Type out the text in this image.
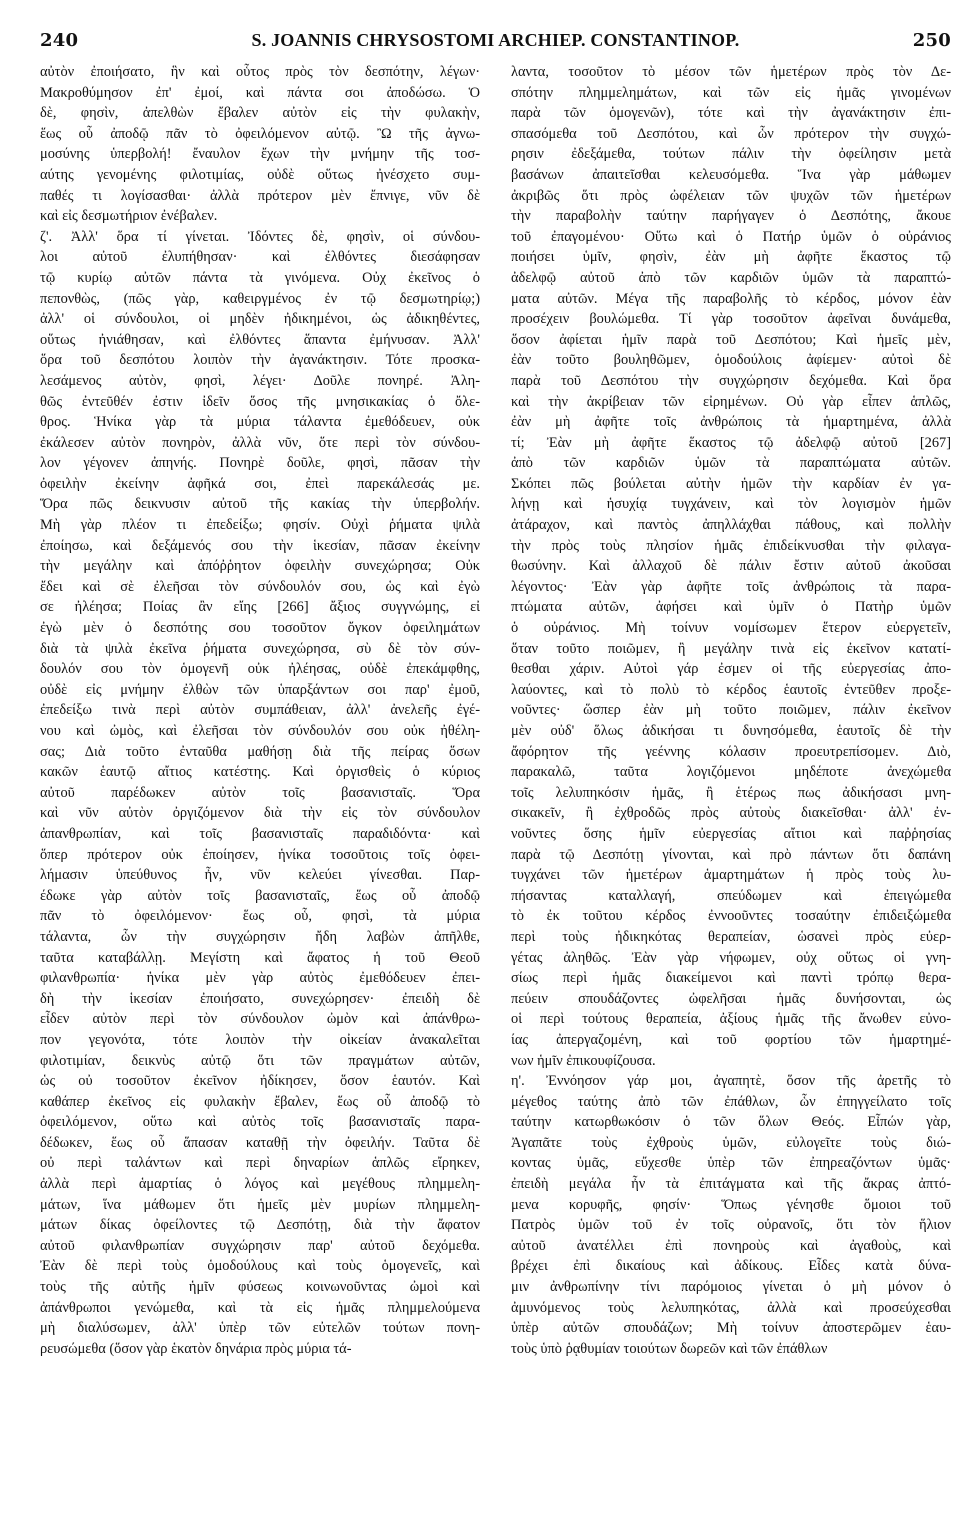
240	S. JOANNIS CHRYSOSTOMI ARCHIEP. CONSTANTINOP.	250
αὐτὸν ἐποιήσατο, ἣν καὶ οὗτος πρὸς τὸν δεσπότην, λέγων·
Μακροθύμησον ἐπ' ἐμοί, καὶ πάντα σοι ἀποδώσω. Ὁ
δὲ, φησὶν, ἀπελθὼν ἔβαλεν αὐτὸν εἰς τὴν φυλακὴν,
ἕως οὗ ἀποδῷ πᾶν τὸ ὀφειλόμενον αὐτῷ. Ὢ τῆς ἀγνω-
μοσύνης ὑπερβολή! ἔναυλον ἔχων τὴν μνήμην τῆς τοσ-
αύτης γενομένης φιλοτιμίας, οὐδὲ οὕτως ἠνέσχετο συμ-
παθές τι λογίσασθαι· ἀλλὰ πρότερον μὲν ἔπνιγε, νῦν δὲ
καὶ εἰς δεσμωτήριον ἐνέβαλεν.
ζ'. Ἀλλ' ὅρα τί γίνεται. Ἰδόντες δὲ, φησὶν, οἱ σύνδου-
λοι αὐτοῦ ἐλυπήθησαν· καὶ ἐλθόντες διεσάφησαν
τῷ κυρίῳ αὐτῶν πάντα τὰ γινόμενα. Οὐχ ἐκεῖνος ὁ
πεπονθὼς, (πῶς γὰρ, καθειργμένος ἐν τῷ δεσμωτηρίῳ;)
ἀλλ' οἱ σύνδουλοι, οἱ μηδὲν ἠδικημένοι, ὡς ἀδικηθέντες,
οὕτως ἠνιάθησαν, καὶ ἐλθόντες ἅπαντα ἐμήνυσαν. Ἀλλ'
ὅρα τοῦ δεσπότου λοιπὸν τὴν ἀγανάκτησιν. Τότε προσκα-
λεσάμενος αὐτὸν, φησὶ, λέγει· Δοῦλε πονηρέ. Ἀλη-
θῶς ἐντεῦθέν ἐστιν ἰδεῖν ὅσος τῆς μνησικακίας ὁ ὄλε-
θρος. Ἡνίκα γὰρ τὰ μύρια τάλαντα ἐμεθόδευεν, οὐκ
ἐκάλεσεν αὐτὸν πονηρὸν, ἀλλὰ νῦν, ὅτε περὶ τὸν σύνδου-
λον γέγονεν ἀπηνής. Πονηρὲ δοῦλε, φησὶ, πᾶσαν τὴν
ὀφειλὴν ἐκείνην ἀφῆκά σοι, ἐπεὶ παρεκάλεσάς με.
Ὅρα πῶς δεικνυσιν αὐτοῦ τῆς κακίας τὴν ὑπερβολήν.
Μὴ γὰρ πλέον τι ἐπεδείξω; φησίν. Οὐχὶ ῥήματα ψιλὰ
ἐποίησω, καὶ δεξάμενός σου τὴν ἱκεσίαν, πᾶσαν ἐκείνην
τὴν μεγάλην καὶ ἀπόῤῥητον ὀφειλὴν συνεχώρησα; Οὐκ
ἔδει καὶ σὲ ἐλεῆσαι τὸν σύνδουλόν σου, ὡς καὶ ἐγὼ
σε ἠλέησα; Ποίας ἂν εἴης [266] ἄξιος συγγνώμης, εἰ
ἐγὼ μὲν ὁ δεσπότης σου τοσοῦτον ὄγκον ὀφειλημάτων
διὰ τὰ ψιλὰ ἐκεῖνα ῥήματα συνεχώρησα, σὺ δὲ τὸν σύν-
δουλόν σου τὸν ὁμογενῆ οὐκ ἠλέησας, οὐδὲ ἐπεκάμφθης,
οὐδὲ εἰς μνήμην ἐλθὼν τῶν ὑπαρξάντων σοι παρ' ἐμοῦ,
ἐπεδείξω τινὰ περὶ αὐτὸν συμπάθειαν, ἀλλ' ἀνελεῆς ἐγέ-
νου καὶ ὠμὸς, καὶ ἐλεῆσαι τὸν σύνδουλόν σου οὐκ ἠθέλη-
σας; Διὰ τοῦτο ἐνταῦθα μαθήσῃ διὰ τῆς πείρας ὅσων
κακῶν ἑαυτῷ αἴτιος κατέστης. Καὶ ὀργισθεὶς ὁ κύριος
αὐτοῦ παρέδωκεν αὐτὸν τοῖς βασανισταῖς. Ὅρα
καὶ νῦν αὐτὸν ὀργιζόμενον διὰ τὴν εἰς τὸν σύνδουλον
ἀπανθρωπίαν, καὶ τοῖς βασανισταῖς παραδιδόντα· καὶ
ὅπερ πρότερον οὐκ ἐποίησεν, ἡνίκα τοσοῦτοις τοῖς ὀφει-
λήμασιν ὑπεύθυνος ἦν, νῦν κελεύει γίνεσθαι. Παρ-
έδωκε γὰρ αὐτὸν τοῖς βασανισταῖς, ἕως οὗ ἀποδῷ
πᾶν τὸ ὀφειλόμενον· ἕως οὗ, φησὶ, τὰ μύρια
τάλαντα, ὧν τὴν συγχώρησιν ἤδη λαβὼν ἀπῆλθε,
ταῦτα καταβάλλῃ. Μεγίστη καὶ ἄφατος ἡ τοῦ Θεοῦ
φιλανθρωπία· ἡνίκα μὲν γὰρ αὐτὸς ἐμεθόδευεν ἐπει-
δὴ τὴν ἱκεσίαν ἐποιήσατο, συνεχώρησεν· ἐπειδὴ δὲ
εἶδεν αὐτὸν περὶ τὸν σύνδουλον ὠμὸν καὶ ἀπάνθρω-
πον γεγονότα, τότε λοιπὸν τὴν οἰκείαν ἀνακαλεῖται
φιλοτιμίαν, δεικνὺς αὐτῷ ὅτι τῶν πραγμάτων αὐτῶν,
ὡς οὐ τοσοῦτον ἐκεῖνον ἠδίκησεν, ὅσον ἑαυτόν. Καὶ
καθάπερ ἐκεῖνος εἰς φυλακὴν ἔβαλεν, ἕως οὗ ἀποδῷ τὸ
ὀφειλόμενον, οὕτω καὶ αὐτὸς τοῖς βασανισταῖς παρα-
δέδωκεν, ἕως οὗ ἅπασαν καταθῇ τὴν ὀφειλήν. Ταῦτα δὲ
οὐ περὶ ταλάντων καὶ περὶ δηναρίων ἁπλῶς εἴρηκεν,
ἀλλὰ περὶ ἁμαρτίας ὁ λόγος καὶ μεγέθους πλημμελη-
μάτων, ἵνα μάθωμεν ὅτι ἡμεῖς μὲν μυρίων πλημμελη-
μάτων δίκας ὀφείλοντες τῷ Δεσπότῃ, διὰ τὴν ἄφατον
αὐτοῦ φιλανθρωπίαν συγχώρησιν παρ' αὐτοῦ δεχόμεθα.
Ἐὰν δὲ περὶ τοὺς ὁμοδούλους καὶ τοὺς ὁμογενεῖς, καὶ
τοὺς τῆς αὐτῆς ἡμῖν φύσεως κοινωνοῦντας ὠμοὶ καὶ
ἀπάνθρωποι γενώμεθα, καὶ τὰ εἰς ἡμᾶς πλημμελούμενα
μὴ διαλύσωμεν, ἀλλ' ὑπὲρ τῶν εὐτελῶν τούτων πονη-
ρευσώμεθα (ὅσον γὰρ ἑκατὸν δηνάρια πρὸς μύρια τά-
λαντα, τοσοῦτον τὸ μέσον τῶν ἡμετέρων πρὸς τὸν Δε-
σπότην πλημμελημάτων, καὶ τῶν εἰς ἡμᾶς γινομένων
παρὰ τῶν ὁμογενῶν), τότε καὶ τὴν ἀγανάκτησιν ἐπι-
σπασόμεθα τοῦ Δεσπότου, καὶ ὧν πρότερον τὴν συγχώ-
ρησιν ἐδεξάμεθα, τούτων πάλιν τὴν ὀφείλησιν μετὰ
βασάνων ἀπαιτεῖσθαι κελευσόμεθα. Ἵνα γὰρ μάθωμεν
ἀκριβῶς ὅτι πρὸς ὠφέλειαν τῶν ψυχῶν τῶν ἡμετέρων
τὴν παραβολὴν ταύτην παρήγαγεν ὁ Δεσπότης, ἄκουε
τοῦ ἐπαγομένου· Οὕτω καὶ ὁ Πατήρ ὑμῶν ὁ οὐράνιος
ποιήσει ὑμῖν, φησὶν, ἐὰν μὴ ἀφῆτε ἕκαστος τῷ
ἀδελφῷ αὐτοῦ ἀπὸ τῶν καρδιῶν ὑμῶν τὰ παραπτώ-
ματα αὐτῶν. Μέγα τῆς παραβολῆς τὸ κέρδος, μόνον ἐὰν
προσέχειν βουλώμεθα. Τί γὰρ τοσοῦτον ἀφεῖναι δυνάμεθα,
ὅσον ἀφίεται ἡμῖν παρὰ τοῦ Δεσπότου; Καὶ ἡμεῖς μὲν,
ἐὰν τοῦτο βουληθῶμεν, ὁμοδούλοις ἀφίεμεν· αὐτοὶ δὲ
παρὰ τοῦ Δεσπότου τὴν συγχώρησιν δεχόμεθα. Καὶ ὅρα
καὶ τὴν ἀκρίβειαν τῶν εἰρημένων. Οὐ γὰρ εἶπεν ἁπλῶς,
ἐὰν μὴ ἀφῆτε τοῖς ἀνθρώποις τὰ ἡμαρτημένα, ἀλλὰ
τί; Ἐὰν μὴ ἀφῆτε ἕκαστος τῷ ἀδελφῷ αὐτοῦ [267]
ἀπὸ τῶν καρδιῶν ὑμῶν τὰ παραπτώματα αὐτῶν.
Σκόπει πῶς βούλεται αὐτὴν ἡμῶν τὴν καρδίαν ἐν γα-
λήνῃ καὶ ἡσυχίᾳ τυγχάνειν, καὶ τὸν λογισμὸν ἡμῶν
ἀτάραχον, καὶ παντὸς ἀπηλλάχθαι πάθους, καὶ πολλὴν
τὴν πρὸς τοὺς πλησίον ἡμᾶς ἐπιδείκνυσθαι τὴν φιλαγα-
θωσύνην. Καὶ ἀλλαχοῦ δὲ πάλιν ἔστιν αὐτοῦ ἀκοῦσαι
λέγοντος· Ἐὰν γὰρ ἀφῆτε τοῖς ἀνθρώποις τὰ παρα-
πτώματα αὐτῶν, ἀφήσει καὶ ὑμῖν ὁ Πατὴρ ὑμῶν
ὁ οὐράνιος. Μὴ τοίνυν νομίσωμεν ἕτερον εὐεργετεῖν,
ὅταν τοῦτο ποιῶμεν, ἢ μεγάλην τινὰ εἰς ἐκεῖνον κατατί-
θεσθαι χάριν. Αὐτοὶ γάρ ἐσμεν οἱ τῆς εὐεργεσίας ἀπο-
λαύοντες, καὶ τὸ πολὺ τὸ κέρδος ἑαυτοῖς ἐντεῦθεν προξε-
νοῦντες· ὥσπερ ἐὰν μὴ τοῦτο ποιῶμεν, πάλιν ἐκεῖνον
μὲν οὐδ' ὅλως ἀδικήσαι τι δυνησόμεθα, ἑαυτοῖς δὲ τὴν
ἄφόρητον τῆς γεέννης κόλασιν προευτρεπίσομεν. Διὸ,
παρακαλῶ, ταῦτα λογιζόμενοι μηδέποτε ἀνεχώμεθα
τοῖς λελυπηκόσιν ἡμᾶς, ἢ ἑτέρως πως ἀδικήσασι μνη-
σικακεῖν, ἢ ἐχθροδῶς πρὸς αὐτοὺς διακεῖσθαι· ἀλλ' ἐν-
νοῦντες ὅσης ἡμῖν εὐεργεσίας αἴτιοι καὶ παῤῥησίας
παρὰ τῷ Δεσπότῃ γίνονται, καὶ πρὸ πάντων ὅτι δαπάνη
τυγχάνει τῶν ἡμετέρων ἁμαρτημάτων ἡ πρὸς τοὺς λυ-
πήσαντας καταλλαγή, σπεύδωμεν καὶ ἐπειγώμεθα
τὸ ἐκ τοῦτου κέρδος ἐννοοῦντες τοσαύτην ἐπιδειξώμεθα
περὶ τοὺς ἠδικηκότας θεραπείαν, ὡσανεὶ πρὸς εὐερ-
γέτας ἀληθῶς. Ἐὰν γὰρ νήφωμεν, οὐχ οὕτως οἱ γνη-
σίως περὶ ἡμᾶς διακείμενοι καὶ παντὶ τρόπῳ θερα-
πεύειν σπουδάζοντες ὠφελῆσαι ἡμᾶς δυνήσονται, ὡς
οἱ περὶ τούτους θεραπεία, ἀξίους ἡμᾶς τῆς ἄνωθεν εὐνο-
ίας ἀπεργαζομένη, καὶ τοῦ φορτίου τῶν ἡμαρτημέ-
νων ἡμῖν ἐπικουφίζουσα.
η'. Ἐννόησον γάρ μοι, ἀγαπητὲ, ὅσον τῆς ἀρετῆς τὸ
μέγεθος ταύτης ἀπὸ τῶν ἐπάθλων, ὧν ἐπηγγείλατο τοῖς
ταύτην κατωρθωκόσιν ὁ τῶν ὅλων Θεός. Εἶπών γὰρ,
Ἀγαπᾶτε τοὺς ἐχθροὺς ὑμῶν, εὐλογεῖτε τοὺς διώ-
κοντας ὑμᾶς, εὔχεσθε ὑπὲρ τῶν ἐπηρεαζόντων ὑμᾶς·
ἐπειδὴ μεγάλα ἦν τὰ ἐπιτάγματα καὶ τῆς ἄκρας ἀπτό-
μενα κορυφῆς, φησίν· Ὅπως γένησθε ὅμοιοι τοῦ
Πατρὸς ὑμῶν τοῦ ἐν τοῖς οὐρανοῖς, ὅτι τὸν ἥλιον
αὐτοῦ ἀνατέλλει ἐπὶ πονηροὺς καὶ ἀγαθοὺς, καὶ
βρέχει ἐπὶ δικαίους καὶ ἀδίκους. Εἶδες κατὰ δύνα-
μιν ἀνθρωπίνην τίνι παρόμοιος γίνεται ὁ μὴ μόνον ὁ
ἀμυνόμενος τοὺς λελυπηκότας, ἀλλὰ καὶ προσεύχεσθαι
ὑπὲρ αὐτῶν σπουδάζων; Μὴ τοίνυν ἀποστερῶμεν ἑαυ-
τοὺς ὑπὸ ῥᾳθυμίαν τοιούτων δωρεῶν καὶ τῶν ἐπάθλων
